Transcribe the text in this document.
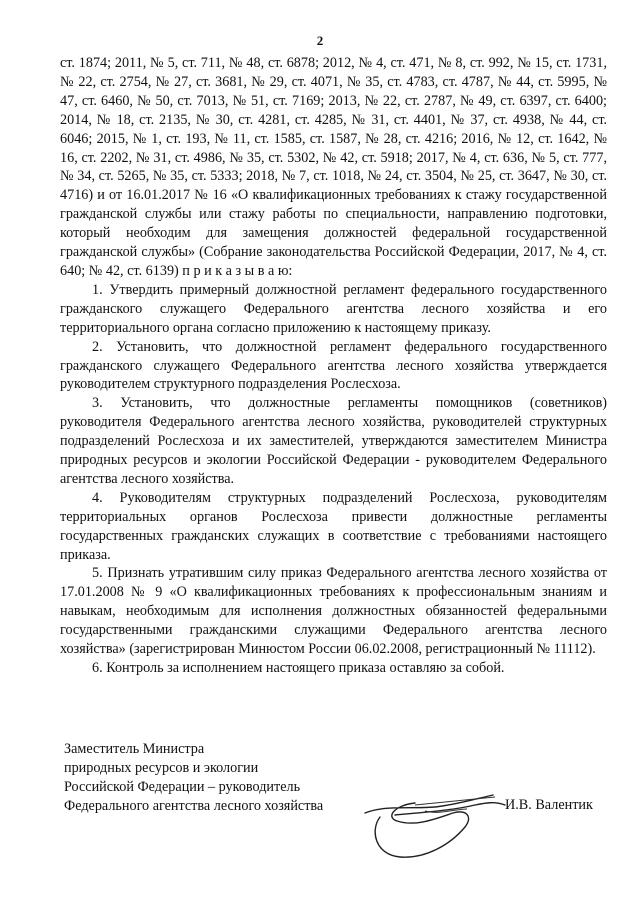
2

ст. 1874; 2011, № 5, ст. 711, № 48, ст. 6878; 2012, № 4, ст. 471, № 8, ст. 992, № 15, ст. 1731, № 22, ст. 2754, № 27, ст. 3681, № 29, ст. 4071, № 35, ст. 4783, ст. 4787, № 44, ст. 5995, № 47, ст. 6460, № 50, ст. 7013, № 51, ст. 7169; 2013, № 22, ст. 2787, № 49, ст. 6397, ст. 6400; 2014, № 18, ст. 2135, № 30, ст. 4281, ст. 4285, № 31, ст. 4401, № 37, ст. 4938, № 44, ст. 6046; 2015, № 1, ст. 193, № 11, ст. 1585, ст. 1587, № 28, ст. 4216; 2016, № 12, ст. 1642, № 16, ст. 2202, № 31, ст. 4986, № 35, ст. 5302, № 42, ст. 5918; 2017, № 4, ст. 636, № 5, ст. 777, № 34, ст. 5265, № 35, ст. 5333; 2018, № 7, ст. 1018, № 24, ст. 3504, № 25, ст. 3647, № 30, ст. 4716) и от 16.01.2017 № 16 «О квалификационных требованиях к стажу государственной гражданской службы или стажу работы по специальности, направлению подготовки, который необходим для замещения должностей федеральной государственной гражданской службы» (Собрание законодательства Российской Федерации, 2017, № 4, ст. 640; № 42, ст. 6139) п р и к а з ы в а ю:

1. Утвердить примерный должностной регламент федерального государственного гражданского служащего Федерального агентства лесного хозяйства и его территориального органа согласно приложению к настоящему приказу.

2. Установить, что должностной регламент федерального государственного гражданского служащего Федерального агентства лесного хозяйства утверждается руководителем структурного подразделения Рослесхоза.

3. Установить, что должностные регламенты помощников (советников) руководителя Федерального агентства лесного хозяйства, руководителей структурных подразделений Рослесхоза и их заместителей, утверждаются заместителем Министра природных ресурсов и экологии Российской Федерации - руководителем Федерального агентства лесного хозяйства.

4. Руководителям структурных подразделений Рослесхоза, руководителям территориальных органов Рослесхоза привести должностные регламенты государственных гражданских служащих в соответствие с требованиями настоящего приказа.

5. Признать утратившим силу приказ Федерального агентства лесного хозяйства от 17.01.2008 № 9 «О квалификационных требованиях к профессиональным знаниям и навыкам, необходимым для исполнения должностных обязанностей федеральными государственными гражданскими служащими Федерального агентства лесного хозяйства» (зарегистрирован Минюстом России 06.02.2008, регистрационный № 11112).

6. Контроль за исполнением настоящего приказа оставляю за собой.

Заместитель Министра
природных ресурсов и экологии
Российской Федерации – руководитель
Федерального агентства лесного хозяйства	И.В. Валентик
